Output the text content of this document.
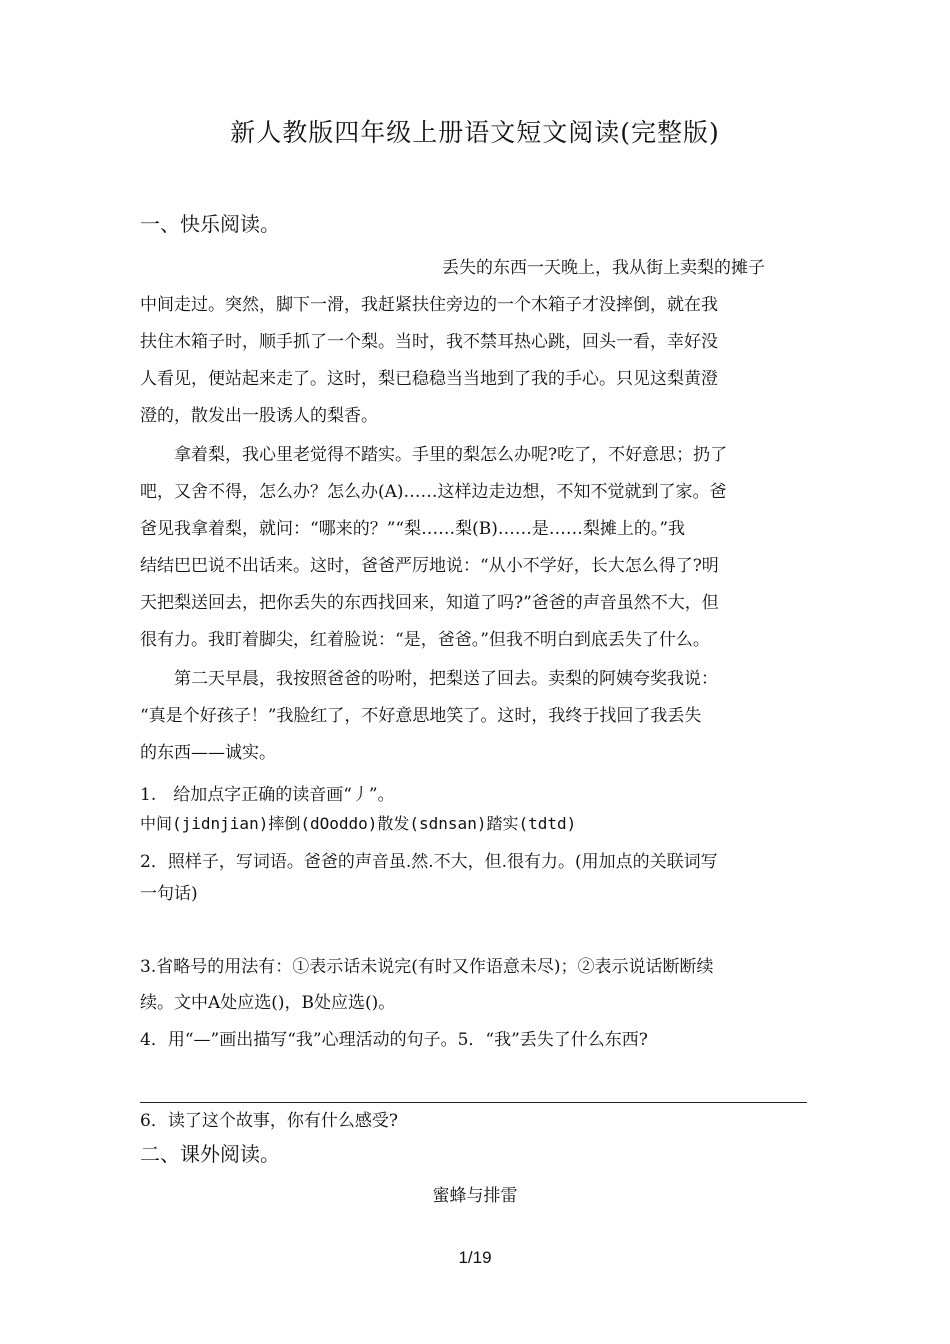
新人教版四年级上册语文短文阅读(完整版)
一、快乐阅读。
丢失的东西一天晚上，我从街上卖梨的摊子
中间走过。突然，脚下一滑，我赶紧扶住旁边的一个木箱子才没摔倒，就在我
扶住木箱子时，顺手抓了一个梨。当时，我不禁耳热心跳，回头一看，幸好没
人看见，便站起来走了。这时，梨已稳稳当当地到了我的手心。只见这梨黄澄
澄的，散发出一股诱人的梨香。
拿着梨，我心里老觉得不踏实。手里的梨怎么办呢?吃了，不好意思；扔了
吧，又舍不得，怎么办？怎么办(A)……这样边走边想，不知不觉就到了家。爸
爸见我拿着梨，就问：“哪来的？”“梨……梨(B)……是……梨摊上的。”我
结结巴巴说不出话来。这时，爸爸严厉地说：“从小不学好，长大怎么得了?明
天把梨送回去，把你丢失的东西找回来，知道了吗?”爸爸的声音虽然不大，但
很有力。我盯着脚尖，红着脸说：“是，爸爸。”但我不明白到底丢失了什么。
第二天早晨，我按照爸爸的吩咐，把梨送了回去。卖梨的阿姨夸奖我说：
“真是个好孩子！”我脸红了，不好意思地笑了。这时，我终于找回了我丢失
的东西——诚实。
1.　给加点字正确的读音画“丿”。
中间(jidnjian)摔倒(dOoddo)散发(sdnsan)踏实(tdtd)
2．照样子，写词语。爸爸的声音虽.然.不大，但.很有力。(用加点的关联词写
一句话)
3.省略号的用法有：①表示话未说完(有时又作语意未尽)；②表示说话断断续
续。文中A处应选()，B处应选()。
4．用“—”画出描写“我”心理活动的句子。5．“我”丢失了什么东西?
6．读了这个故事，你有什么感受?
二、课外阅读。
蜜蜂与排雷
1/19
